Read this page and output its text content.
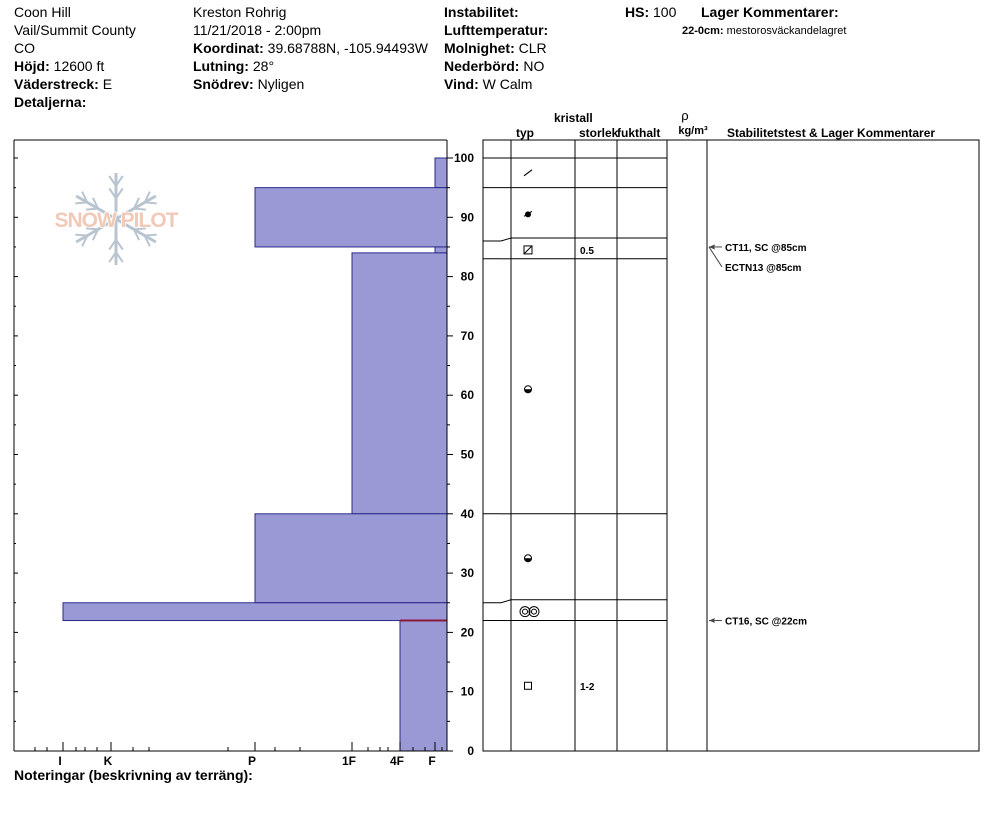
Coon Hill
Vail/Summit County
CO
Höjd: 12600 ft
Väderstreck: E
Detaljerna:
Kreston Rohrig
11/21/2018 - 2:00pm
Koordinat: 39.68788N, -105.94493W
Lutning: 28°
Snödrev: Nyligen
Instabilitet:
Lufttemperatur:
Molnighet: CLR
Nederbörd: NO
Vind: W Calm
HS: 100 Lager Kommentarer:
22-0cm: mestorosväckandelagret
Noteringar (beskrivning av terräng):
SNOW PILOT
0
10
20
30
40
50
60
70
80
90
100
I	K	P	1F	4F F
typ
kristall
storlek
fukthalt
ρ
kg/m³ Stabilitetstest & Lager Kommentarer
0.5
1-2
CT11, SC @85cm
ECTN13 @85cm
CT16, SC @22cm
